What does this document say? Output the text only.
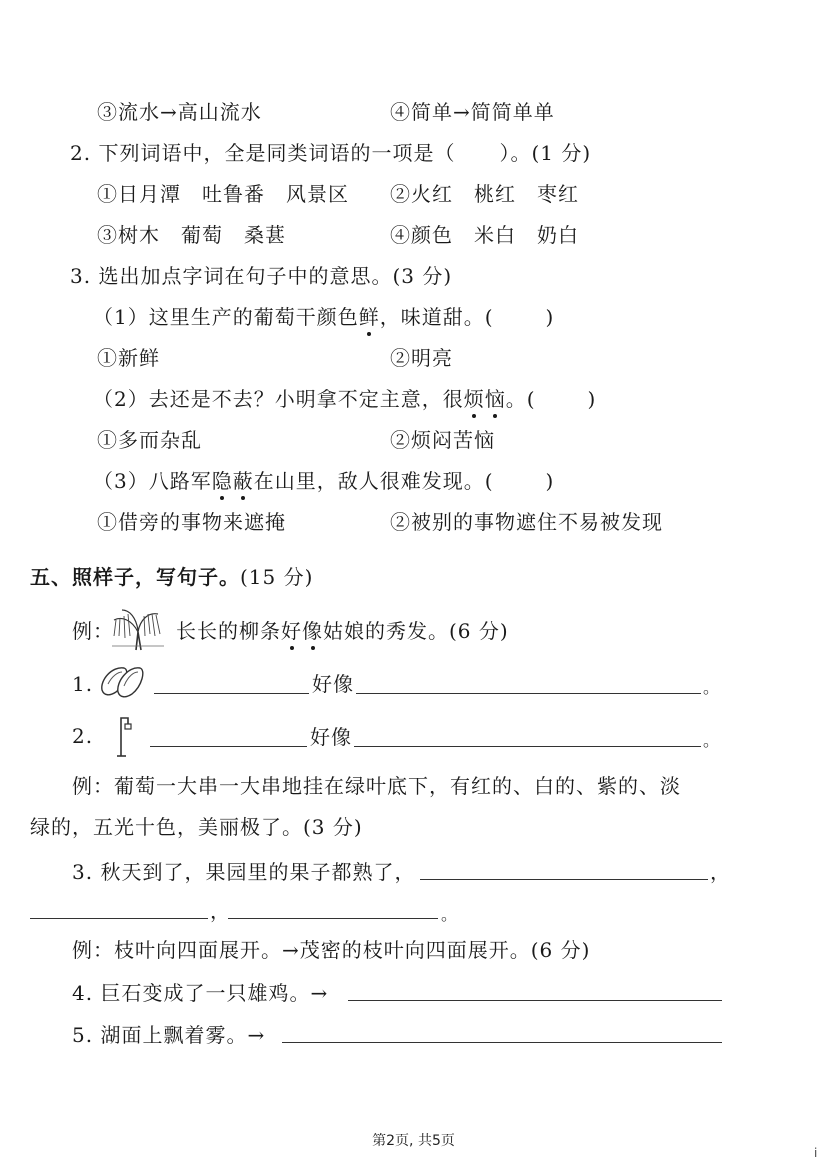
③流水→高山流水	④简单→简简单单
2. 下列词语中，全是同类词语的一项是（ ）。(1 分)
①日月潭　吐鲁番　风景区 ②火红　桃红　枣红
③树木　葡萄　桑葚	④颜色　米白　奶白
3. 选出加点字词在句子中的意思。(3 分)
（1）这里生产的葡萄干颜色鲜，味道甜。(	)
①新鲜	②明亮
（2）去还是不去？小明拿不定主意，很烦恼。(	)
①多而杂乱	②烦闷苦恼
（3）八路军隐蔽在山里，敌人很难发现。(	)
①借旁的事物来遮掩	②被别的事物遮住不易被发现
五、照样子，写句子。(15 分)
例：	长长的柳条好像姑娘的秀发。(6 分)
1.	好像	。
2.	好像	。
例：葡萄一大串一大串地挂在绿叶底下，有红的、白的、紫的、淡
绿的，五光十色，美丽极了。(3 分)
3. 秋天到了，果园里的果子都熟了，	，
，	。
例：枝叶向四面展开。→茂密的枝叶向四面展开。(6 分)
4. 巨石变成了一只雄鸡。→
5. 湖面上飘着雾。→
第2页, 共5页
i
